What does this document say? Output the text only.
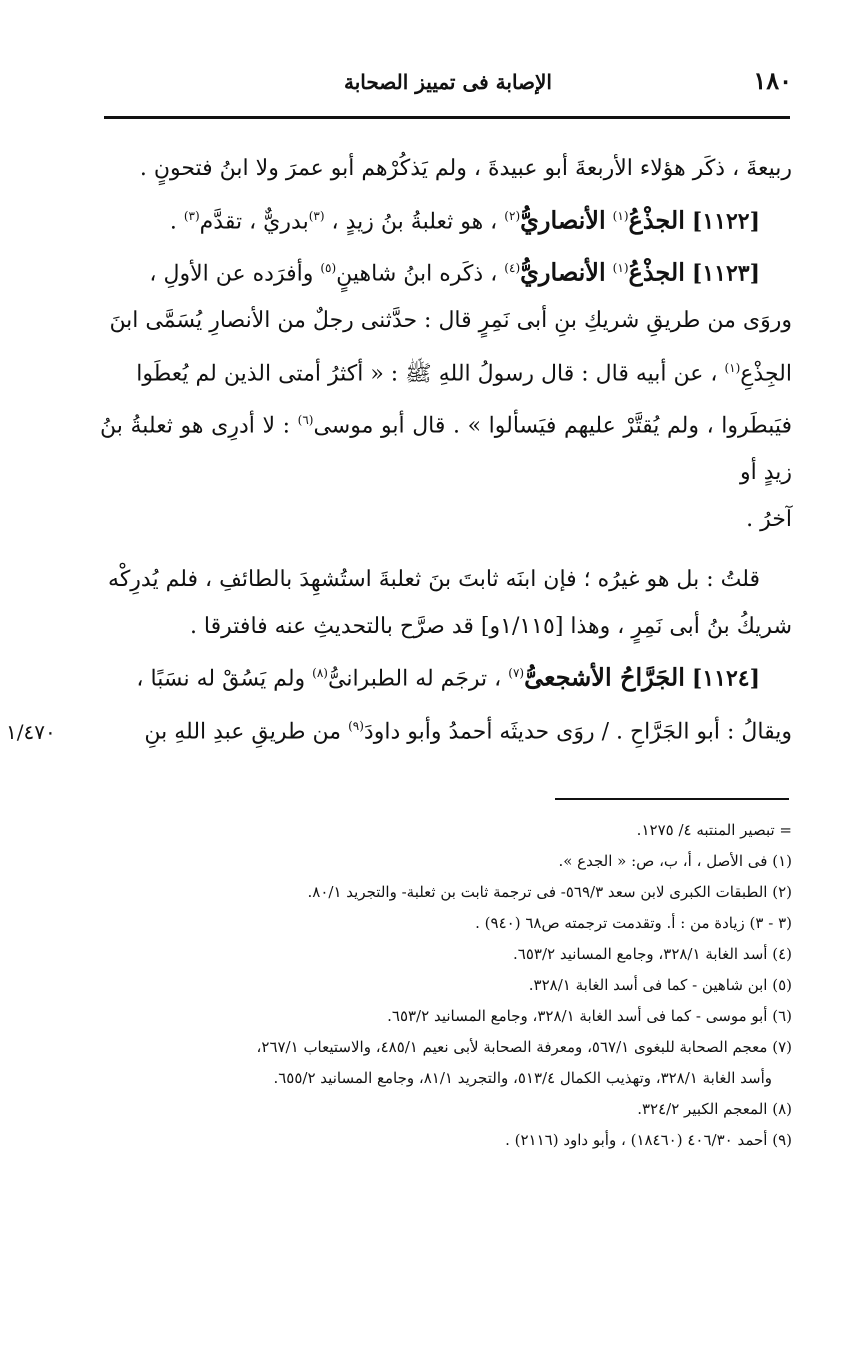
١٨٠
الإصابة فى تمييز الصحابة

ربيعةَ ، ذكَر هؤلاء الأربعةَ أبو عبيدةَ ، ولم يَذكُرْهم أبو عمرَ ولا ابنُ فتحونٍ .

[١١٢٢] الجذْعُ$^{(١)}$ الأنصاريُّ$^{(٢)}$ ، هو ثعلبةُ بنُ زيدٍ ، $^{(٣)}$بدريٌّ ، تقدَّم$^{(٣)}$ .

[١١٢٣] الجذْعُ$^{(١)}$ الأنصاريُّ$^{(٤)}$ ، ذكَره ابنُ شاهينٍ$^{(٥)}$ وأفرَده عن الأولِ ،

وروَى من طريقِ شريكِ بنِ أبى نَمِرٍ قال : حدَّثنى رجلٌ من الأنصارِ يُسَمَّى ابنَ

الجِذْعِ$^{(١)}$ ، عن أبيه قال : قال رسولُ اللهِ ﷺ : « أكثرُ أمتى الذين لم يُعطَوا

فيَبطَروا ، ولم يُقتَّرْ عليهم فيَسألوا » . قال أبو موسى$^{(٦)}$ : لا أدرِى هو ثعلبةُ بنُ زيدٍ أو

آخرُ .

قلتُ : بل هو غيرُه ؛ فإن ابنَه ثابتَ بنَ ثعلبةَ استُشهِدَ بالطائفِ ، فلم يُدرِكْه

شريكُ بنُ أبى نَمِرٍ ، وهذا [١/١١٥و] قد صرَّح بالتحديثِ عنه فافترقا .

[١١٢٤] الجَرَّاحُ الأشجعىُّ$^{(٧)}$ ، ترجَم له الطبرانىُّ$^{(٨)}$ ولم يَسُقْ له نسَبًا ،

ويقالُ : أبو الجَرَّاحِ . / روَى حديثَه أحمدُ وأبو داودَ$^{(٩)}$ من طريقِ عبدِ اللهِ بنِ

١/٤٧٠

= تبصير المنتبه ٤/ ١٢٧٥.

(١) فى الأصل ، أ، ب، ص: « الجدع ».

(٢) الطبقات الكبرى لابن سعد ٥٦٩/٣- فى ترجمة ثابت بن ثعلبة- والتجريد ٨٠/١.

(٣ - ٣) زيادة من : أ. وتقدمت ترجمته ص٦٨ (٩٤٠) .

(٤) أسد الغابة ٣٢٨/١، وجامع المسانيد ٦٥٣/٢.

(٥) ابن شاهين - كما فى أسد الغابة ٣٢٨/١.

(٦) أبو موسى - كما فى أسد الغابة ٣٢٨/١، وجامع المسانيد ٦٥٣/٢.

(٧) معجم الصحابة للبغوى ٥٦٧/١، ومعرفة الصحابة لأبى نعيم ٤٨٥/١، والاستيعاب ٢٦٧/١،

وأسد الغابة ٣٢٨/١، وتهذيب الكمال ٥١٣/٤، والتجريد ٨١/١، وجامع المسانيد ٦٥٥/٢.

(٨) المعجم الكبير ٣٢٤/٢.

(٩) أحمد ٤٠٦/٣٠ (١٨٤٦٠) ، وأبو داود (٢١١٦) .
